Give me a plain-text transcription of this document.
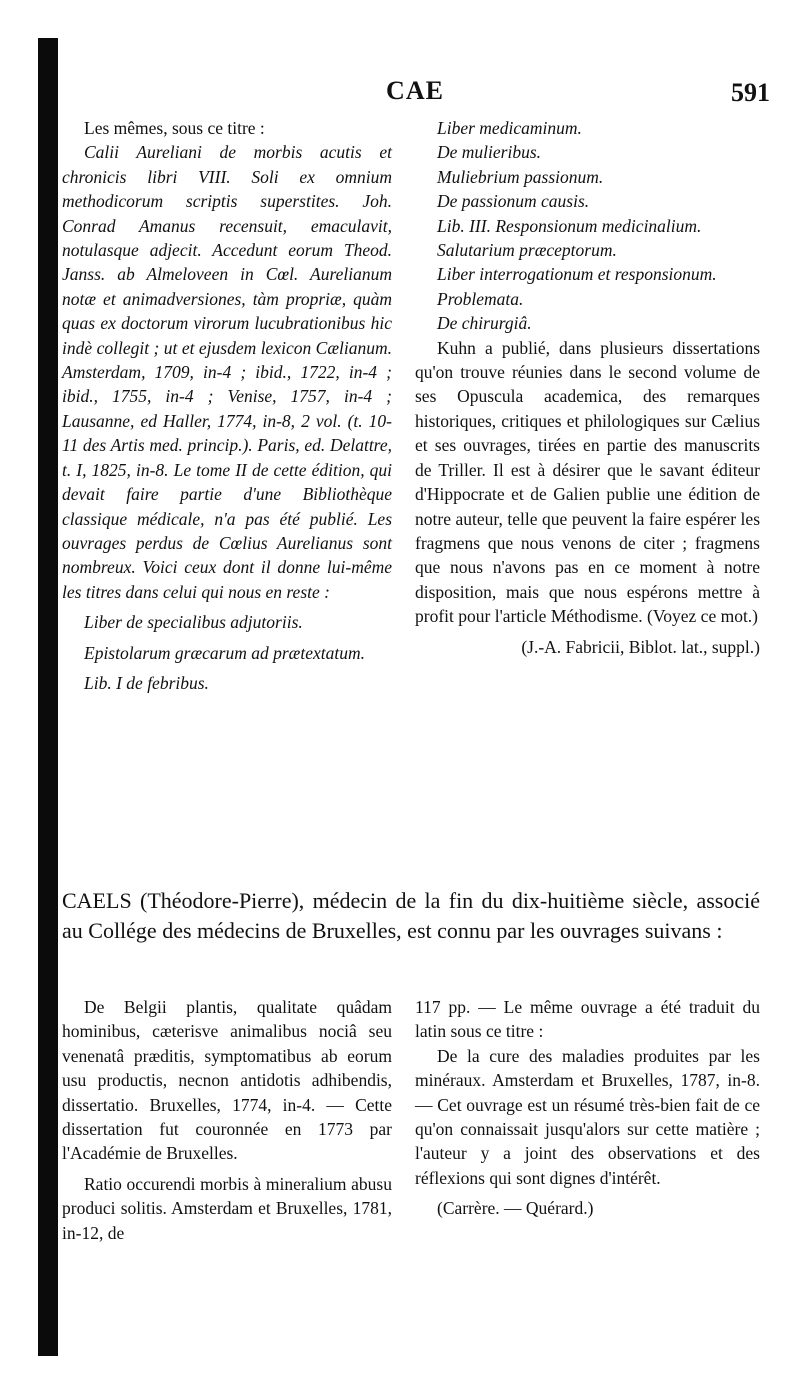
CAE	591

Les mêmes, sous ce titre :

Calii Aureliani de morbis acutis et chronicis libri VIII. Soli ex omnium methodicorum scriptis superstites. Joh. Conrad Amanus recensuit, emaculavit, notulasque adjecit. Accedunt eorum Theod. Janss. ab Almeloveen in Cœl. Aurelianum notæ et animadversiones, tàm propriæ, quàm quas ex doctorum virorum lucubrationibus hic indè collegit ; ut et ejusdem lexicon Cælianum. Amsterdam, 1709, in-4 ; ibid., 1722, in-4 ; ibid., 1755, in-4 ; Venise, 1757, in-4 ; Lausanne, ed Haller, 1774, in-8, 2 vol. (t. 10-11 des Artis med. princip.). Paris, ed. Delattre, t. I, 1825, in-8. Le tome II de cette édition, qui devait faire partie d'une Bibliothèque classique médicale, n'a pas été publié. Les ouvrages perdus de Cœlius Aurelianus sont nombreux. Voici ceux dont il donne lui-même les titres dans celui qui nous en reste :

Liber de specialibus adjutoriis.

Epistolarum græcarum ad prætextatum.

Lib. I de febribus.

Liber medicaminum.

De mulieribus.

Muliebrium passionum.

De passionum causis.

Lib. III. Responsionum medicinalium.

Salutarium præceptorum.

Liber interrogationum et responsionum.

Problemata.

De chirurgiâ.

Kuhn a publié, dans plusieurs dissertations qu'on trouve réunies dans le second volume de ses Opuscula academica, des remarques historiques, critiques et philologiques sur Cælius et ses ouvrages, tirées en partie des manuscrits de Triller. Il est à désirer que le savant éditeur d'Hippocrate et de Galien publie une édition de notre auteur, telle que peuvent la faire espérer les fragmens que nous venons de citer ; fragmens que nous n'avons pas en ce moment à notre disposition, mais que nous espérons mettre à profit pour l'article Méthodisme. (Voyez ce mot.)

(J.-A. Fabricii, Biblot. lat., suppl.)

CAELS (Théodore-Pierre), médecin de la fin du dix-huitième siècle, associé au Collége des médecins de Bruxelles, est connu par les ouvrages suivans :

De Belgii plantis, qualitate quâdam hominibus, cæterisve animalibus nociâ seu venenatâ præditis, symptomatibus ab eorum usu productis, necnon antidotis adhibendis, dissertatio. Bruxelles, 1774, in-4. — Cette dissertation fut couronnée en 1773 par l'Académie de Bruxelles.

Ratio occurendi morbis à mineralium abusu produci solitis. Amsterdam et Bruxelles, 1781, in-12, de

117 pp. — Le même ouvrage a été traduit du latin sous ce titre :

De la cure des maladies produites par les minéraux. Amsterdam et Bruxelles, 1787, in-8. — Cet ouvrage est un résumé très-bien fait de ce qu'on connaissait jusqu'alors sur cette matière ; l'auteur y a joint des observations et des réflexions qui sont dignes d'intérêt.

(Carrère. — Quérard.)
